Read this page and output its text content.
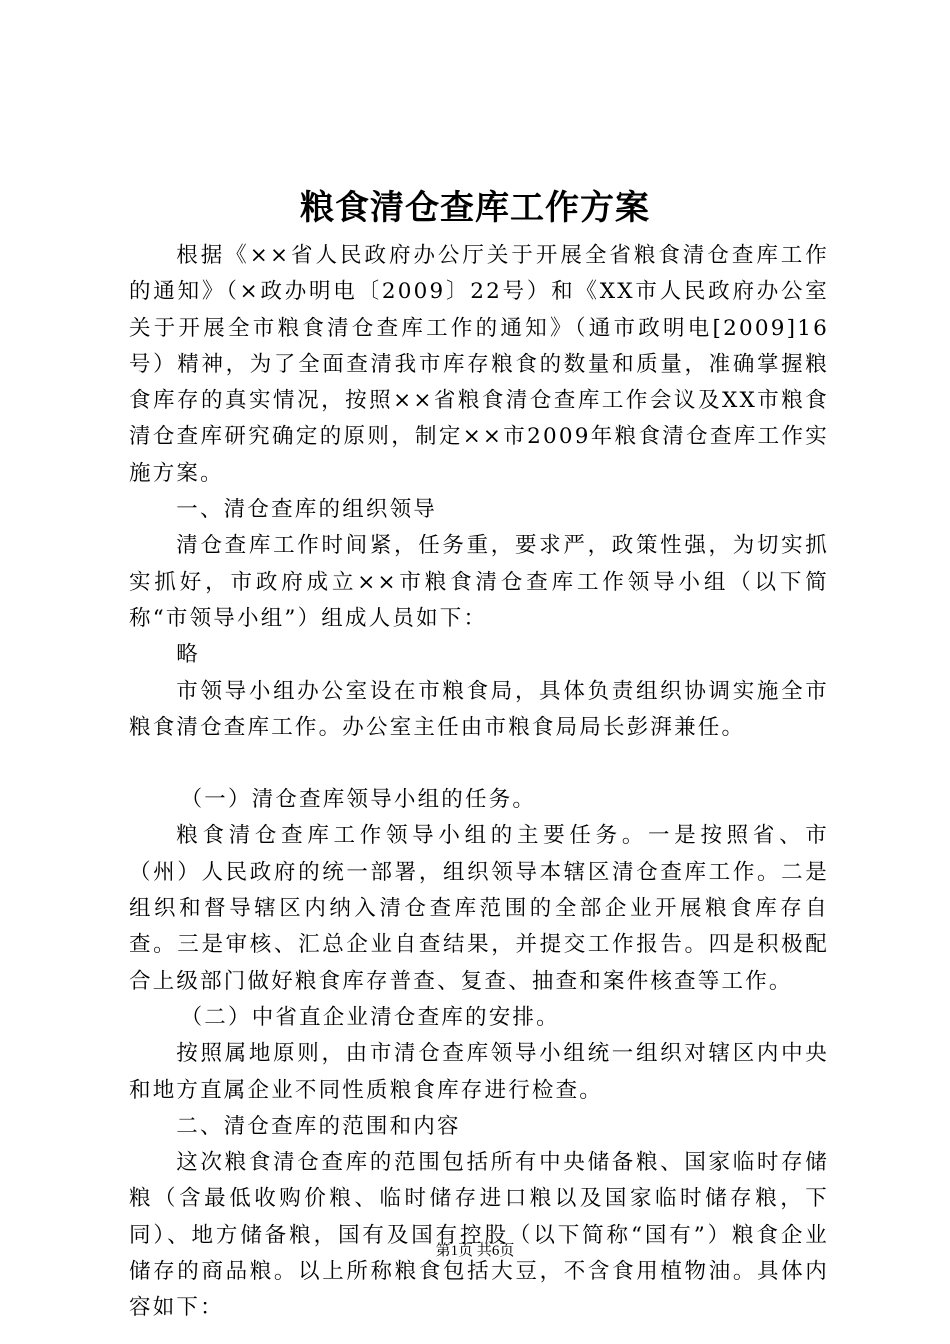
粮食清仓查库工作方案

根据《××省人民政府办公厅关于开展全省粮食清仓查库工作的通知》（×政办明电〔2009〕22号）和《XX市人民政府办公室关于开展全市粮食清仓查库工作的通知》（通市政明电[2009]16号）精神，为了全面查清我市库存粮食的数量和质量，准确掌握粮食库存的真实情况，按照××省粮食清仓查库工作会议及XX市粮食清仓查库研究确定的原则，制定××市2009年粮食清仓查库工作实施方案。

一、清仓查库的组织领导

清仓查库工作时间紧，任务重，要求严，政策性强，为切实抓实抓好，市政府成立××市粮食清仓查库工作领导小组（以下简称“市领导小组”）组成人员如下：

略

市领导小组办公室设在市粮食局，具体负责组织协调实施全市粮食清仓查库工作。办公室主任由市粮食局局长彭湃兼任。

（一）清仓查库领导小组的任务。

粮食清仓查库工作领导小组的主要任务。一是按照省、市（州）人民政府的统一部署，组织领导本辖区清仓查库工作。二是组织和督导辖区内纳入清仓查库范围的全部企业开展粮食库存自查。三是审核、汇总企业自查结果，并提交工作报告。四是积极配合上级部门做好粮食库存普查、复查、抽查和案件核查等工作。

（二）中省直企业清仓查库的安排。

按照属地原则，由市清仓查库领导小组统一组织对辖区内中央和地方直属企业不同性质粮食库存进行检查。

二、清仓查库的范围和内容

这次粮食清仓查库的范围包括所有中央储备粮、国家临时存储粮（含最低收购价粮、临时储存进口粮以及国家临时储存粮，下同）、地方储备粮，国有及国有控股（以下简称“国有”）粮食企业储存的商品粮。以上所称粮食包括大豆，不含食用植物油。具体内容如下：

第1页 共6页
